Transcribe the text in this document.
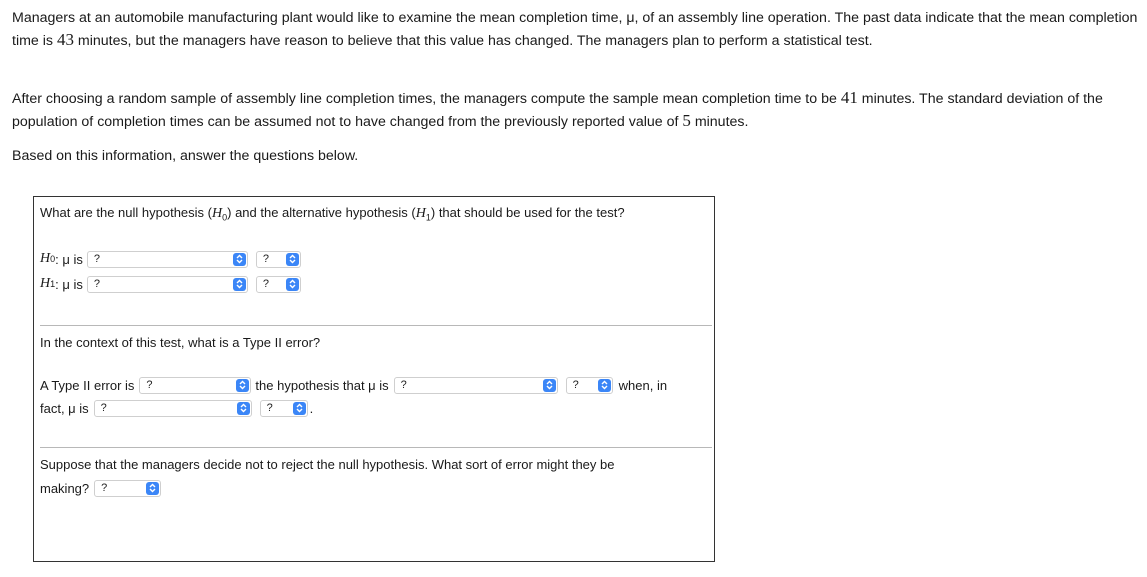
Managers at an automobile manufacturing plant would like to examine the mean completion time, μ, of an assembly line operation. The past data indicate that the mean completion time is 43 minutes, but the managers have reason to believe that this value has changed. The managers plan to perform a statistical test.

After choosing a random sample of assembly line completion times, the managers compute the sample mean completion time to be 41 minutes. The standard deviation of the population of completion times can be assumed not to have changed from the previously reported value of 5 minutes.

Based on this information, answer the questions below.

What are the null hypothesis $(H_0)$ and the alternative hypothesis $(H_1)$ that should be used for the test?
H 0 : μ is ?	?
H 1 : μ is ?	?
In the context of this test, what is a Type II error?
A Type II error is ?	the hypothesis that μ is ?	?	when, in
fact, μ is ?	?	.
Suppose that the managers decide not to reject the null hypothesis. What sort of error might they be
making? ?
